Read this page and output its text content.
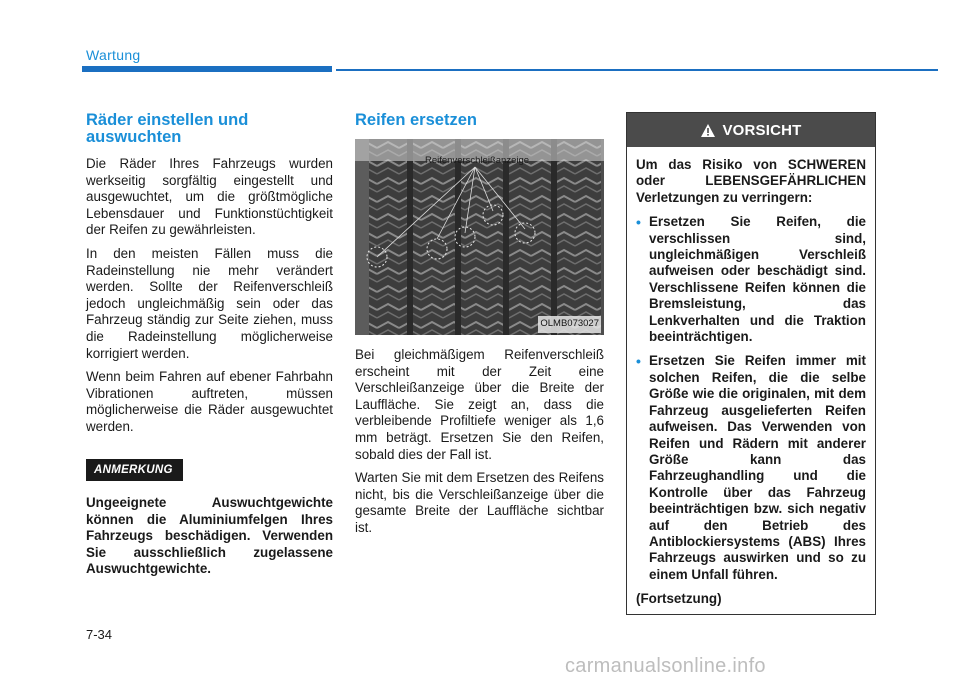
Wartung
Räder einstellen und auswuchten

Die Räder Ihres Fahrzeugs wurden werkseitig sorgfältig eingestellt und ausgewuchtet, um die größtmögliche Lebensdauer und Funktionstüchtigkeit der Reifen zu gewährleisten.

In den meisten Fällen muss die Radeinstellung nie mehr verändert werden. Sollte der Reifenverschleiß jedoch ungleichmäßig sein oder das Fahrzeug ständig zur Seite ziehen, muss die Radeinstellung möglicherweise korrigiert werden.

Wenn beim Fahren auf ebener Fahrbahn Vibrationen auftreten, müssen möglicherweise die Räder ausgewuchtet werden.

ANMERKUNG

Ungeeignete Auswuchtgewichte können die Aluminiumfelgen Ihres Fahrzeugs beschädigen. Verwenden Sie ausschließlich zugelassene Auswuchtgewichte.

Reifen ersetzen
Reifenverschleißanzeige
OLMB073027

Bei gleichmäßigem Reifenverschleiß erscheint mit der Zeit eine Verschleißanzeige über die Breite der Lauffläche. Sie zeigt an, dass die verbleibende Profiltiefe weniger als 1,6 mm beträgt. Ersetzen Sie den Reifen, sobald dies der Fall ist.

Warten Sie mit dem Ersetzen des Reifens nicht, bis die Verschleißanzeige über die gesamte Breite der Lauffläche sichtbar ist.

VORSICHT

Um das Risiko von SCHWEREN oder LEBENSGEFÄHRLICHEN Verletzungen zu verringern:

• Ersetzen Sie Reifen, die verschlissen sind, ungleichmäßigen Verschleiß aufweisen oder beschädigt sind. Verschlissene Reifen können die Bremsleistung, das Lenkverhalten und die Traktion beeinträchtigen.
• Ersetzen Sie Reifen immer mit solchen Reifen, die die selbe Größe wie die originalen, mit dem Fahrzeug ausgelieferten Reifen aufweisen. Das Verwenden von Reifen und Rädern mit anderer Größe kann das Fahrzeughandling und die Kontrolle über das Fahrzeug beeinträchtigen bzw. sich negativ auf den Betrieb des Antiblockiersystems (ABS) Ihres Fahrzeugs auswirken und so zu einem Unfall führen.

(Fortsetzung)

7-34
carmanualsonline.info
